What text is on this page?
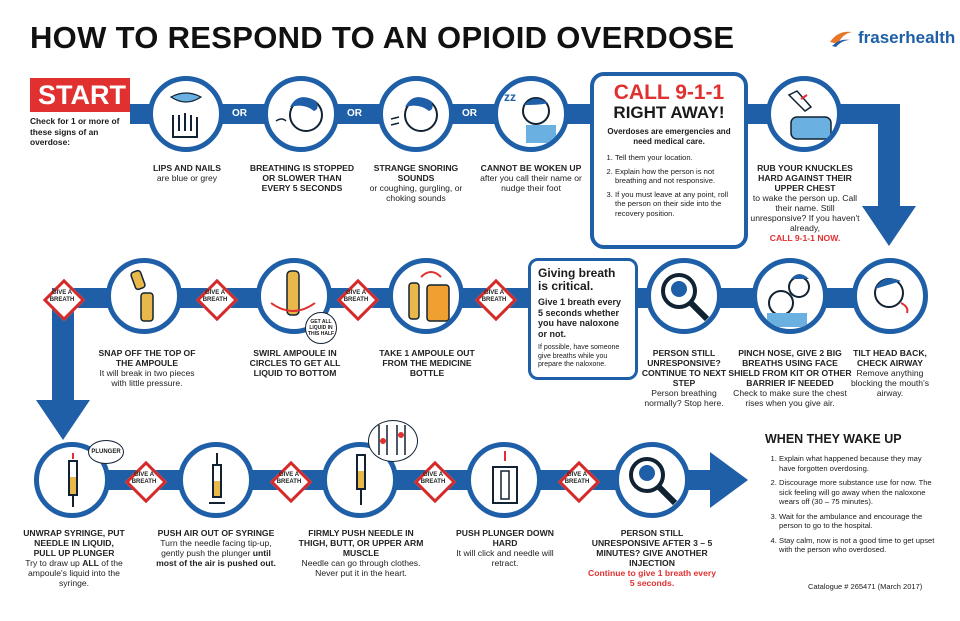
HOW TO RESPOND TO AN OPIOID OVERDOSE	fraserhealth
START
Check for 1 or more of these signs of an overdose:
OR	OR	OR
zz
LIPS AND NAILS
are blue or grey
BREATHING IS STOPPED OR SLOWER THAN EVERY 5 SECONDS
STRANGE SNORING SOUNDS
or coughing, gurgling, or choking sounds
CANNOT BE WOKEN UP
after you call their name or nudge their foot
CALL 9-1-1
RIGHT AWAY!
Overdoses are emergencies and need medical care.
1. Tell them your location.
2. Explain how the person is not breathing and not responsive.
3. If you must leave at any point, roll the person on their side into the recovery position.
RUB YOUR KNUCKLES HARD AGAINST THEIR UPPER CHEST
to wake the person up. Call their name. Still unresponsive? If you haven't already,
CALL 9-1-1 NOW.
TILT HEAD BACK, CHECK AIRWAY
Remove anything blocking the mouth's airway.
PINCH NOSE, GIVE 2 BIG BREATHS USING FACE SHIELD FROM KIT OR OTHER BARRIER IF NEEDED
Check to make sure the chest rises when you give air.
PERSON STILL UNRESPONSIVE? CONTINUE TO NEXT STEP
Person breathing normally? Stop here.
Giving breath is critical.
Give 1 breath every 5 seconds whether you have naloxone or not.
If possible, have someone give breaths while you prepare the naloxone.
TAKE 1 AMPOULE OUT FROM THE MEDICINE BOTTLE
GET ALL LIQUID IN THIS HALF
SWIRL AMPOULE IN CIRCLES TO GET ALL LIQUID TO BOTTOM
SNAP OFF THE TOP OF THE AMPOULE
It will break in two pieces with little pressure.
GIVE A BREATH
GIVE A BREATH
GIVE A BREATH
GIVE A BREATH
PLUNGER
UNWRAP SYRINGE, PUT NEEDLE IN LIQUID, PULL UP PLUNGER
Try to draw up ALL of the ampoule's liquid into the syringe.
PUSH AIR OUT OF SYRINGE
Turn the needle facing tip-up, gently push the plunger until most of the air is pushed out.
FIRMLY PUSH NEEDLE IN THIGH, BUTT, OR UPPER ARM MUSCLE
Needle can go through clothes. Never put it in the heart.
PUSH PLUNGER DOWN HARD
It will click and needle will retract.
PERSON STILL UNRESPONSIVE AFTER 3 – 5 MINUTES? GIVE ANOTHER INJECTION
Continue to give 1 breath every 5 seconds.
GIVE A BREATH
GIVE A BREATH
GIVE A BREATH
GIVE A BREATH
WHEN THEY WAKE UP
1. Explain what happened because they may have forgotten overdosing.
2. Discourage more substance use for now. The sick feeling will go away when the naloxone wears off (30 – 75 minutes).
3. Wait for the ambulance and encourage the person to go to the hospital.
4. Stay calm, now is not a good time to get upset with the person who overdosed.
Catalogue # 265471 (March 2017)
